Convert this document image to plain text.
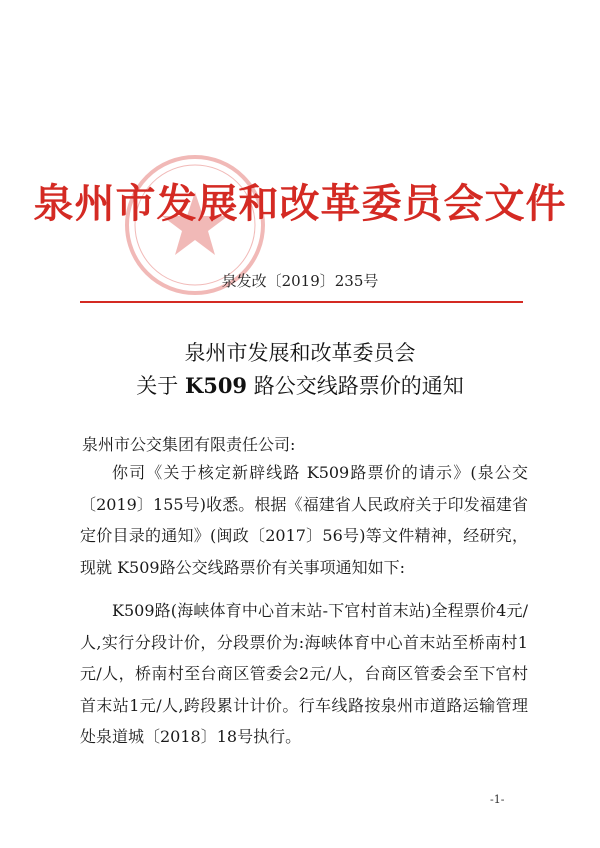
泉州市发展和改革委员会文件
泉发改〔2019〕235号
泉州市发展和改革委员会
关于 K509 路公交线路票价的通知
泉州市公交集团有限责任公司:

你司《关于核定新辟线路 K509路票价的请示》(泉公交〔2019〕155号)收悉。根据《福建省人民政府关于印发福建省定价目录的通知》(闽政〔2017〕56号)等文件精神，经研究，现就 K509路公交线路票价有关事项通知如下:

K509路(海峡体育中心首末站-下官村首末站)全程票价4元/人,实行分段计价，分段票价为:海峡体育中心首末站至桥南村1元/人，桥南村至台商区管委会2元/人，台商区管委会至下官村首末站1元/人,跨段累计计价。行车线路按泉州市道路运输管理处泉道城〔2018〕18号执行。

-1-
